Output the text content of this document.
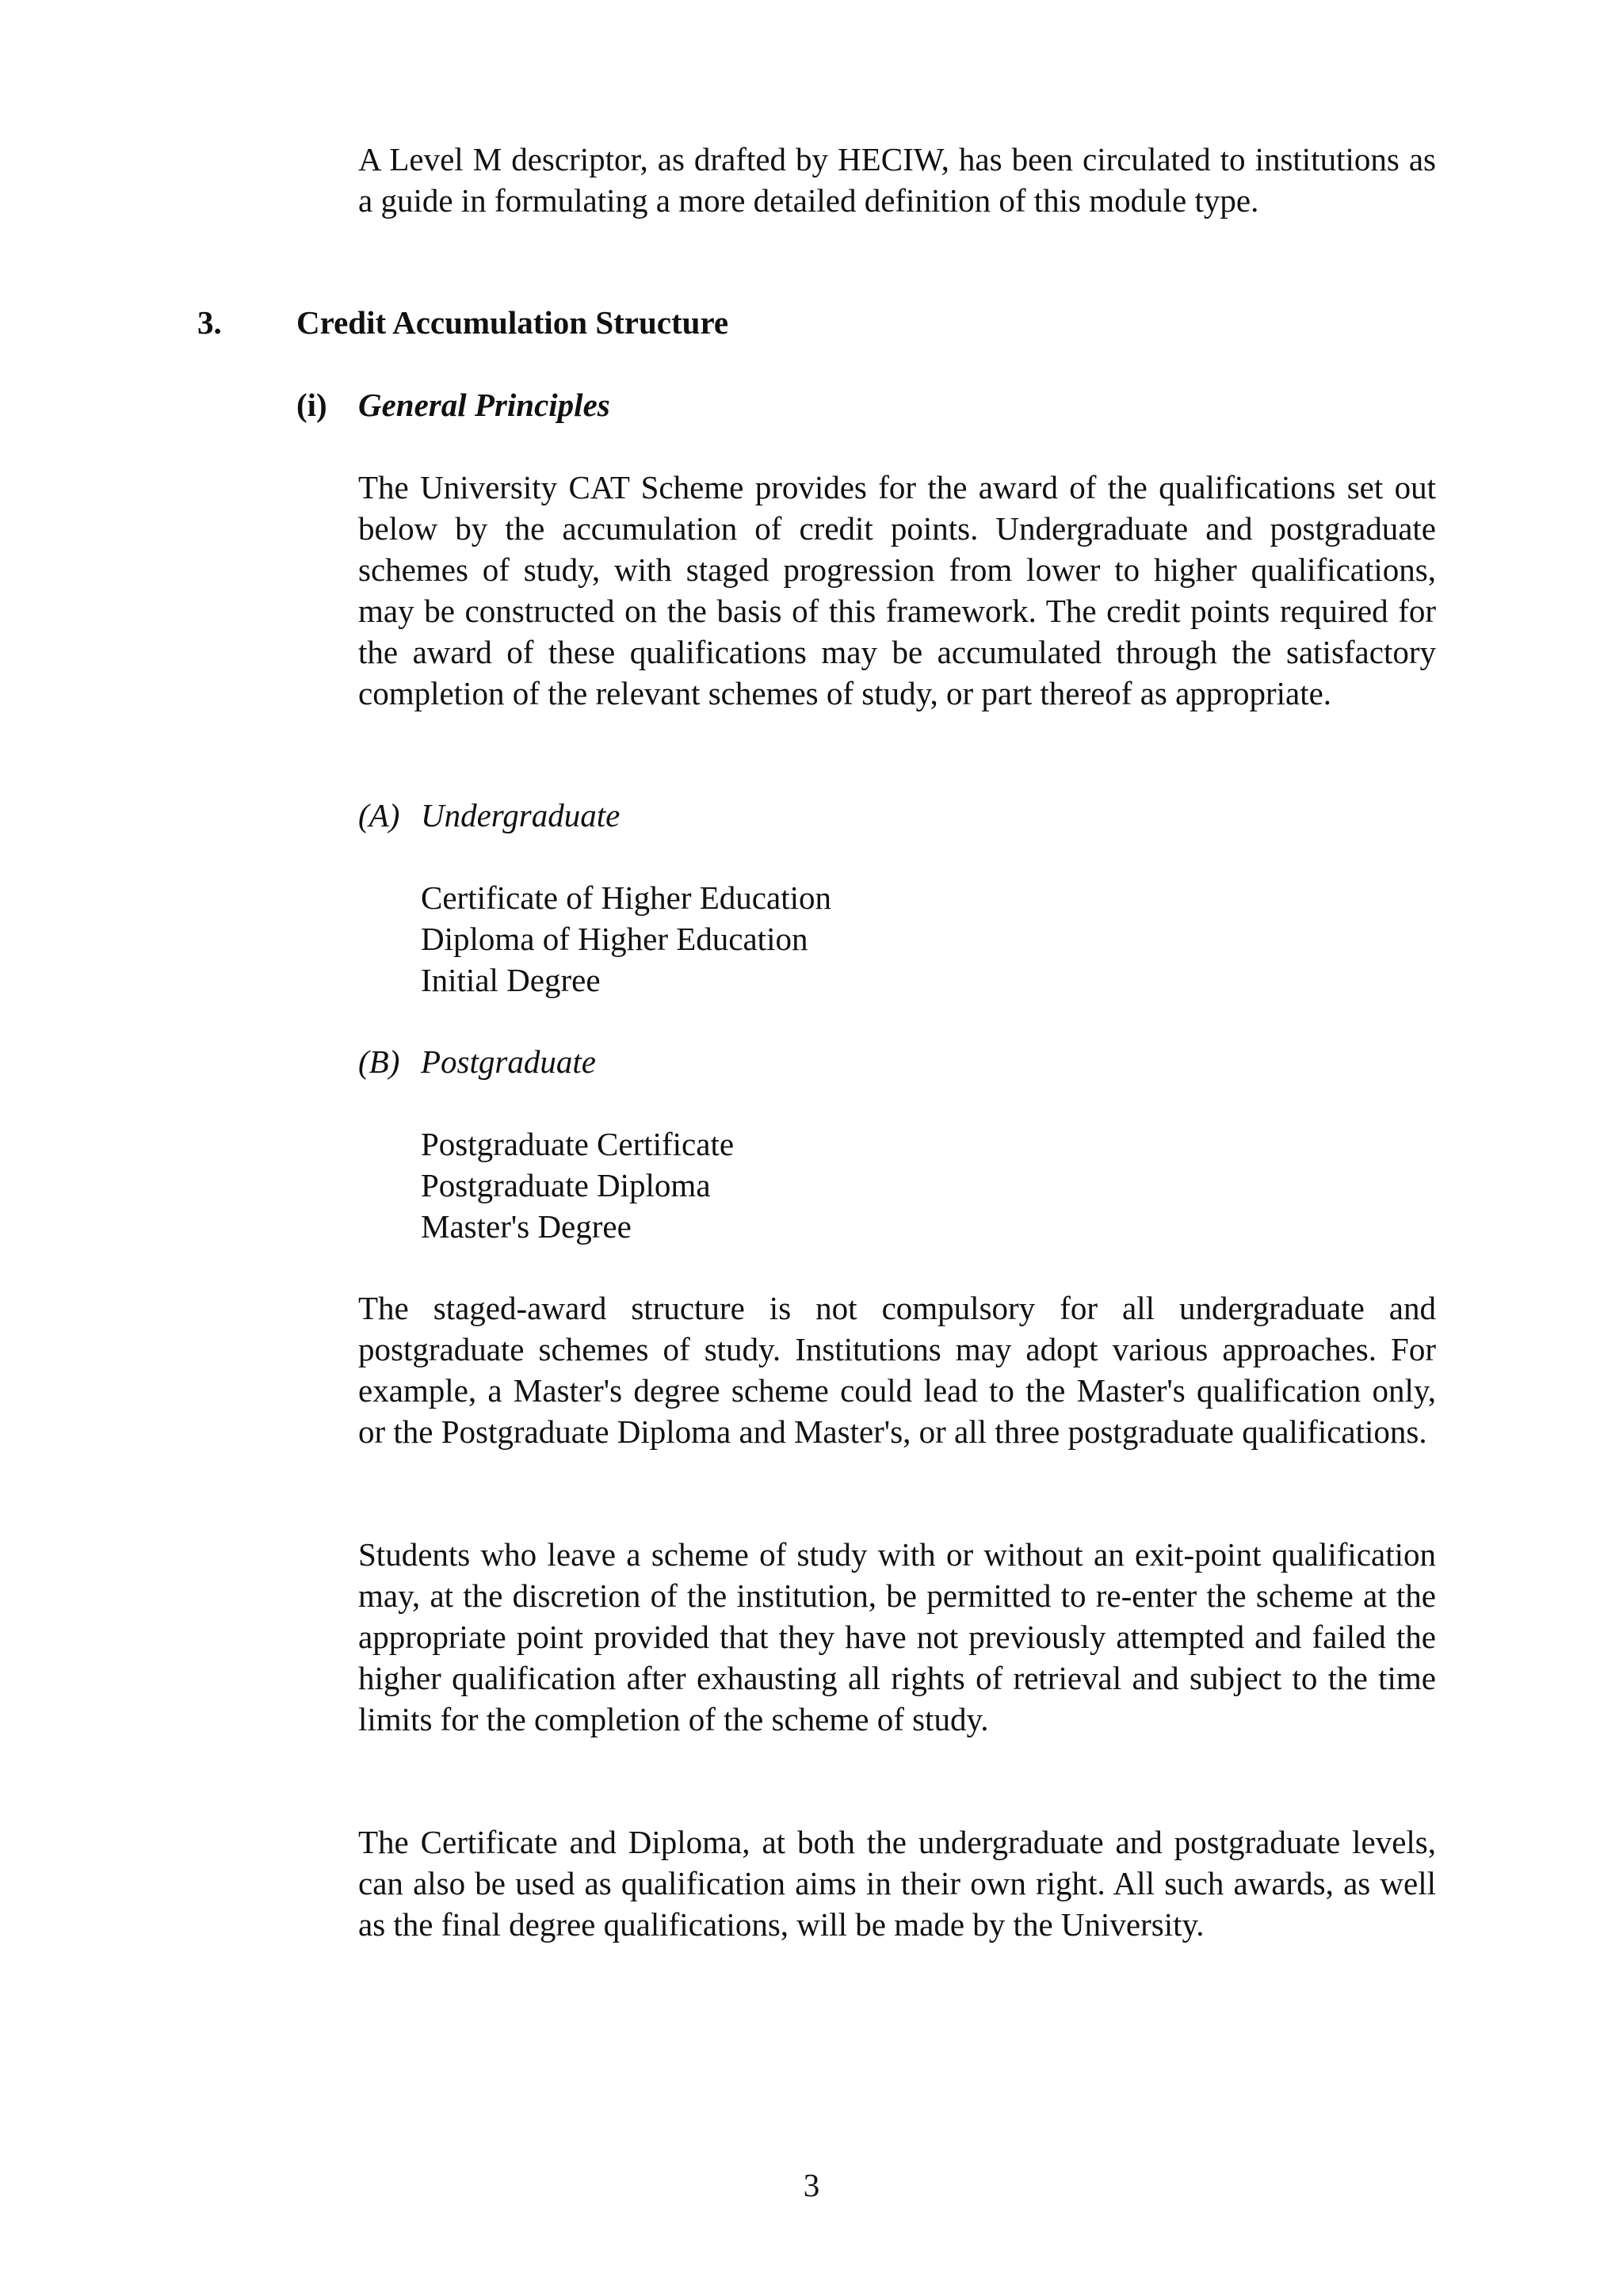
A Level M descriptor, as drafted by HECIW, has been circulated to institutions as a guide in formulating a more detailed definition of this module type.

3. Credit Accumulation Structure
(i) General Principles

The University CAT Scheme provides for the award of the qualifications set out below by the accumulation of credit points. Undergraduate and postgraduate schemes of study, with staged progression from lower to higher qualifications, may be constructed on the basis of this framework. The credit points required for the award of these qualifications may be accumulated through the satisfactory completion of the relevant schemes of study, or part thereof as appropriate.

(A) Undergraduate
Certificate of Higher Education
Diploma of Higher Education
Initial Degree
(B) Postgraduate
Postgraduate Certificate
Postgraduate Diploma
Master's Degree

The staged-award structure is not compulsory for all undergraduate and postgraduate schemes of study. Institutions may adopt various approaches. For example, a Master's degree scheme could lead to the Master's qualification only, or the Postgraduate Diploma and Master's, or all three postgraduate qualifications.

Students who leave a scheme of study with or without an exit-point qualification may, at the discretion of the institution, be permitted to re-enter the scheme at the appropriate point provided that they have not previously attempted and failed the higher qualification after exhausting all rights of retrieval and subject to the time limits for the completion of the scheme of study.

The Certificate and Diploma, at both the undergraduate and postgraduate levels, can also be used as qualification aims in their own right. All such awards, as well as the final degree qualifications, will be made by the University.

3
